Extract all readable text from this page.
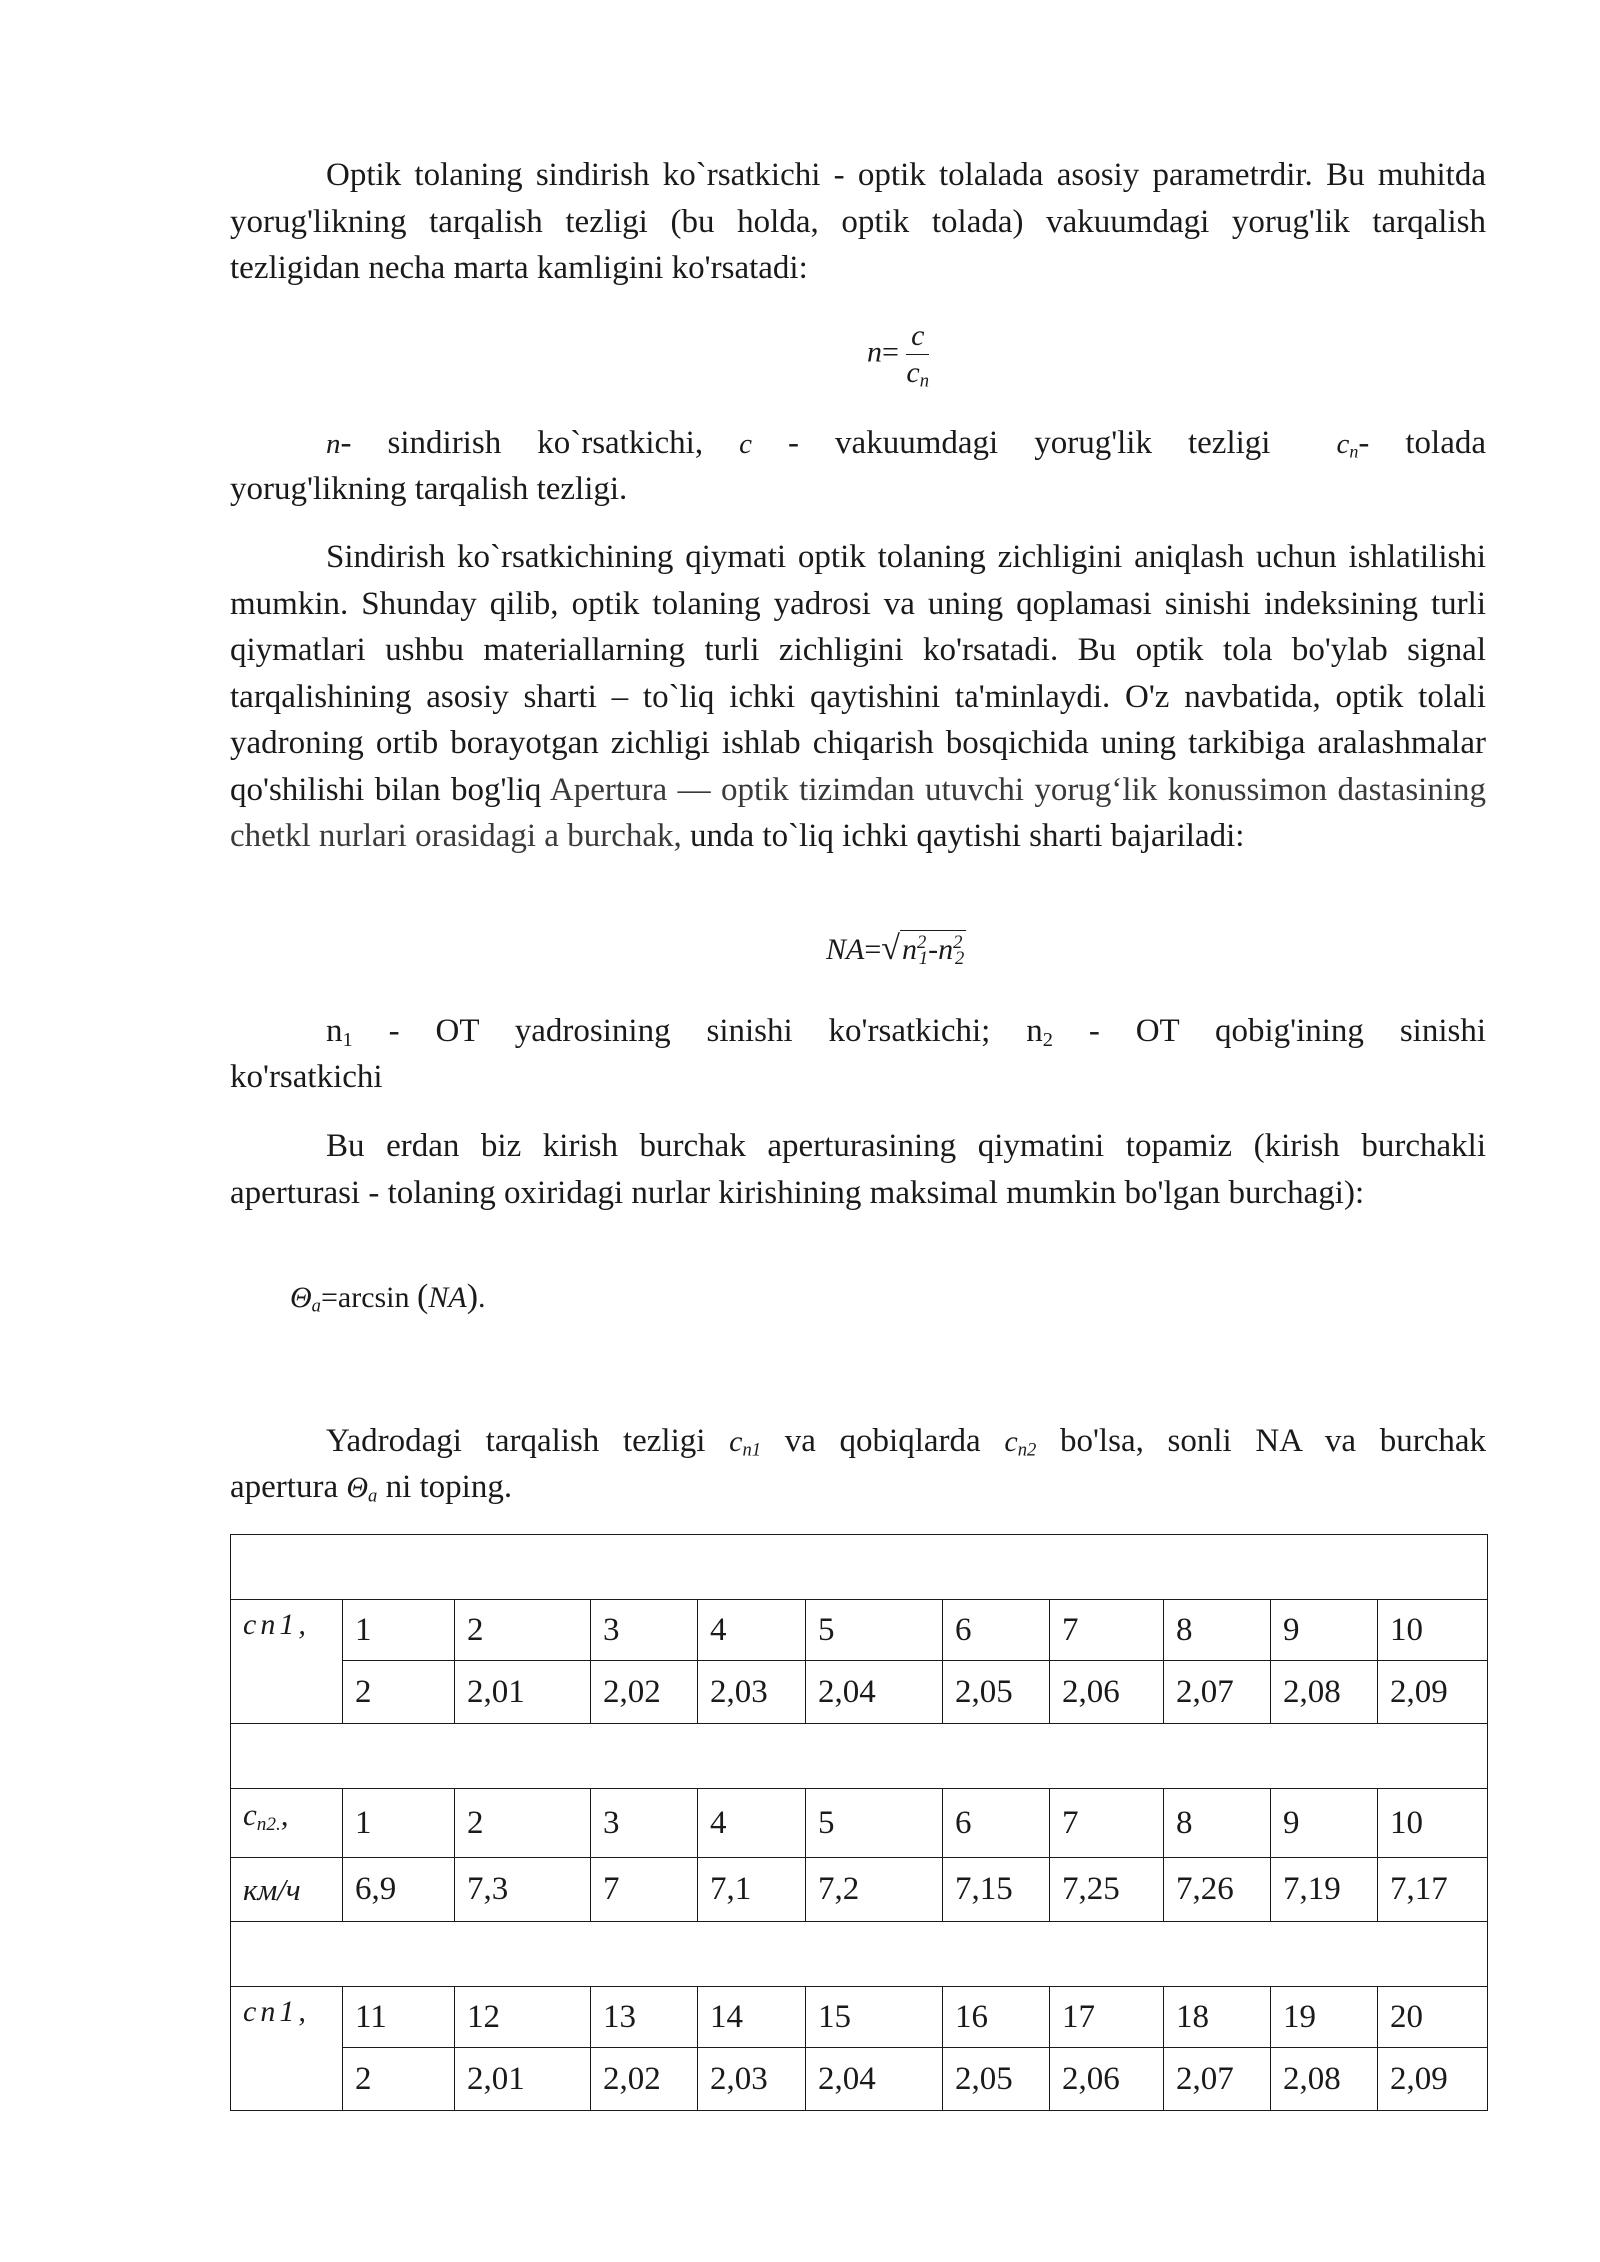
Optik tolaning sindirish ko`rsatkichi - optik tolalada asosiy parametrdir. Bu muhitda yorug'likning tarqalish tezligi (bu holda, optik tolada) vakuumdagi yorug'lik tarqalish tezligidan necha marta kamligini ko'rsatadi:
$n= \frac{c}{c_n}$
n- sindirish ko`rsatkichi, c - vakuumdagi yorug'lik tezligi $c_n-$ tolada
yorug'likning tarqalish tezligi.
Sindirish ko`rsatkichining qiymati optik tolaning zichligini aniqlash uchun ishlatilishi mumkin. Shunday qilib, optik tolaning yadrosi va uning qoplamasi sinishi indeksining turli qiymatlari ushbu materiallarning turli zichligini ko'rsatadi. Bu optik tola bo'ylab signal tarqalishining asosiy sharti – to`liq ichki qaytishini ta'minlaydi. O'z navbatida, optik tolali yadroning ortib borayotgan zichligi ishlab chiqarish bosqichida uning tarkibiga aralashmalar qo'shilishi bilan bog'liq Apertura — optik tizimdan utuvchi yorug‘lik konussimon dastasining chetkl nurlari orasidagi a burchak, unda to`liq ichki qaytishi sharti bajariladi:
$NA=√n^2_1-n^2_2$
$n_1$ - OT yadrosining sinishi ko'rsatkichi; $n_2$ - OT qobig'ining sinishi
ko'rsatkichi
Bu erdan biz kirish burchak aperturasining qiymatini topamiz (kirish burchakli aperturasi - tolaning oxiridagi nurlar kirishining maksimal mumkin bo'lgan burchagi):
$\Theta_a=\arcsin$ (NA).
Yadrodagi tarqalish tezligi $c_{n1}$ va qobiqlarda $c_{n2}$ bo'lsa, sonli NA va burchak
apertura $\Theta_a$ ni toping.

cn1,	1	2	3	4	5	6	7	8	9	10
	2	2,01	2,02	2,03	2,04	2,05	2,06	2,07	2,08	2,09

$c_{n2.}$,	1	2	3	4	5	6	7	8	9	10
км/ч	6,9	7,3	7	7,1	7,2	7,15	7,25	7,26	7,19	7,17

cn1,	11	12	13	14	15	16	17	18	19	20
	2	2,01	2,02	2,03	2,04	2,05	2,06	2,07	2,08	2,09
